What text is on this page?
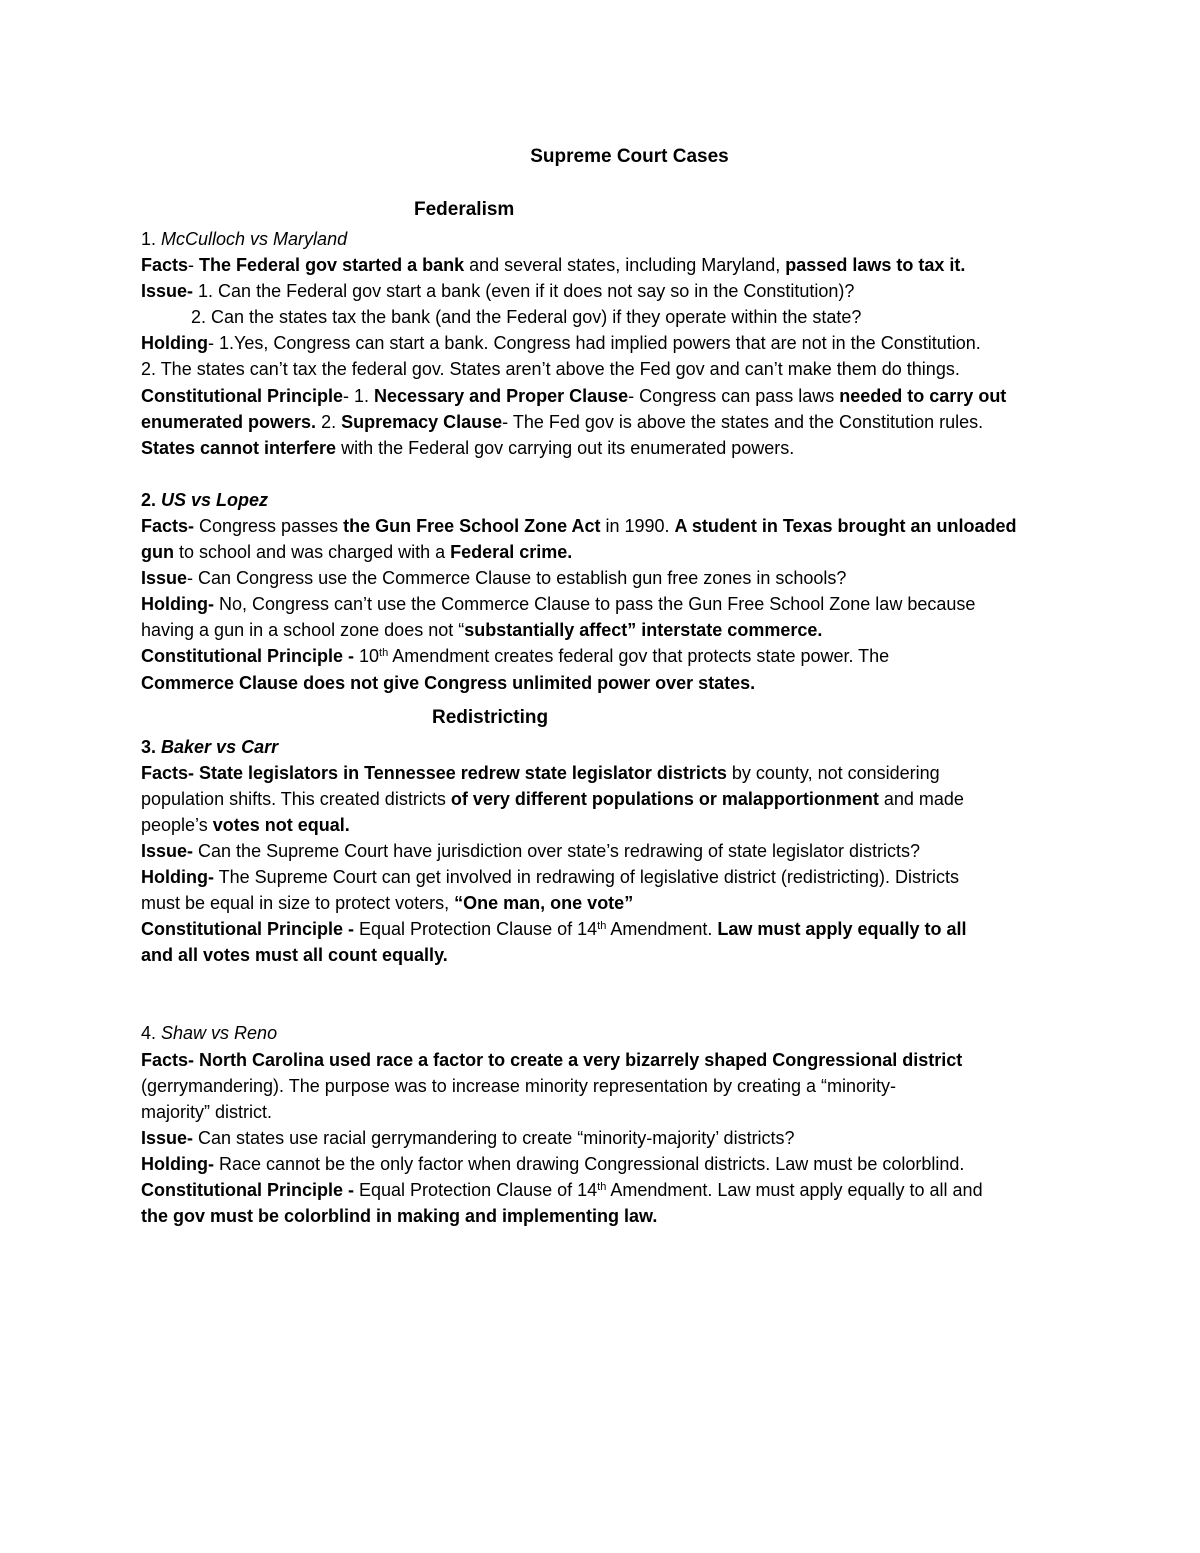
Supreme Court Cases
Federalism
1. McCulloch vs Maryland
Facts- The Federal gov started a bank and several states, including Maryland, passed laws to tax it.
Issue- 1. Can the Federal gov start a bank (even if it does not say so in the Constitution)?
2. Can the states tax the bank (and the Federal gov) if they operate within the state?
Holding- 1.Yes, Congress can start a bank. Congress had implied powers that are not in the Constitution.
2. The states can’t tax the federal gov. States aren’t above the Fed gov and can’t make them do things.
Constitutional Principle- 1. Necessary and Proper Clause- Congress can pass laws needed to carry out
enumerated powers. 2. Supremacy Clause- The Fed gov is above the states and the Constitution rules.
States cannot interfere with the Federal gov carrying out its enumerated powers.
2. US vs Lopez
Facts- Congress passes the Gun Free School Zone Act in 1990. A student in Texas brought an unloaded
gun to school and was charged with a Federal crime.
Issue- Can Congress use the Commerce Clause to establish gun free zones in schools?
Holding- No, Congress can’t use the Commerce Clause to pass the Gun Free School Zone law because
having a gun in a school zone does not “substantially affect” interstate commerce.
Constitutional Principle - 10th Amendment creates federal gov that protects state power. The
Commerce Clause does not give Congress unlimited power over states.
Redistricting
3. Baker vs Carr
Facts- State legislators in Tennessee redrew state legislator districts by county, not considering
population shifts. This created districts of very different populations or malapportionment and made
people’s votes not equal.
Issue- Can the Supreme Court have jurisdiction over state’s redrawing of state legislator districts?
Holding- The Supreme Court can get involved in redrawing of legislative district (redistricting). Districts
must be equal in size to protect voters, “One man, one vote”
Constitutional Principle - Equal Protection Clause of 14th Amendment. Law must apply equally to all
and all votes must all count equally.
4. Shaw vs Reno
Facts- North Carolina used race a factor to create a very bizarrely shaped Congressional district
(gerrymandering). The purpose was to increase minority representation by creating a “minority-
majority” district.
Issue- Can states use racial gerrymandering to create “minority-majority’ districts?
Holding- Race cannot be the only factor when drawing Congressional districts. Law must be colorblind.
Constitutional Principle - Equal Protection Clause of 14th Amendment. Law must apply equally to all and
the gov must be colorblind in making and implementing law.
